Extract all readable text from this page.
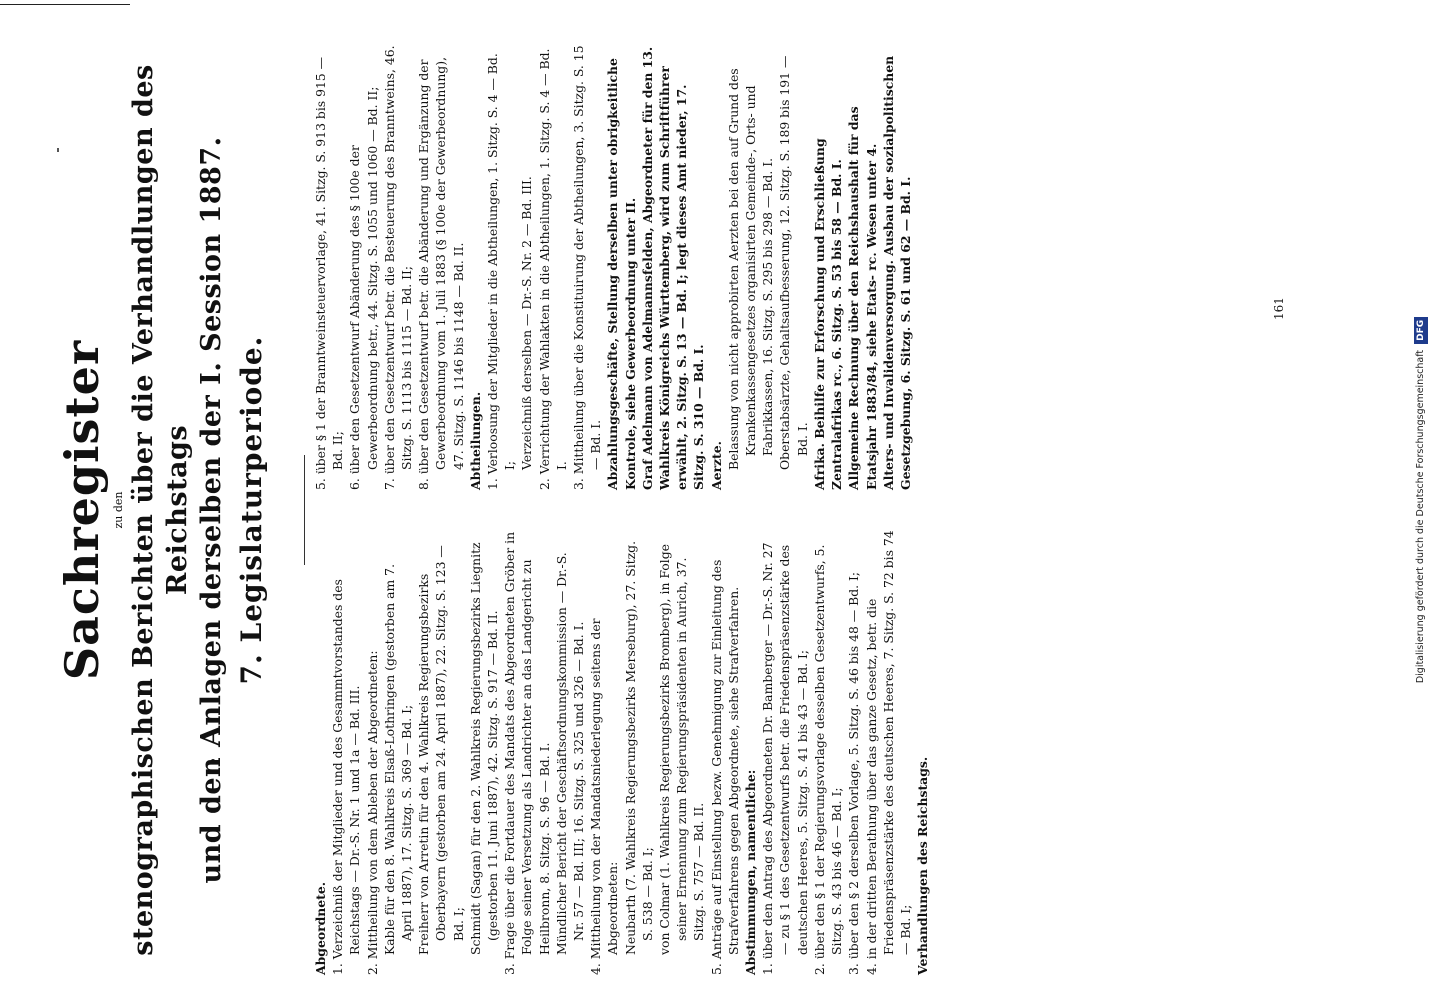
Sachregister zu den stenographischen Berichten über die Verhandlungen des Reichstags und den Anlagen derselben der I. Session 1887. 7. Legislaturperiode.

Abgeordnete. 1. Verzeichniß der Mitglieder und des Gesammtvorstandes des Reichstags — Dr.-S. Nr. 1 und 1a — Bd. III. 2. Mittheilung von dem Ableben der Abgeordneten: Kable für den 8. Wahlkreis Elsaß-Lothringen (gestorben am 7. April 1887), 17. Sitzg. S. 369 — Bd. I; Freiherr von Arretin für den 4. Wahlkreis Regierungsbezirks Oberbayern (gestorben am 24. April 1887), 22. Sitzg. S. 123 — Bd. I; Schmidt (Sagan) für den 2. Wahlkreis Regierungsbezirks Liegnitz (gestorben 11. Juni 1887), 42. Sitzg. S. 917 — Bd. II. 3. Frage über die Fortdauer des Mandats des Abgeordneten Gröber in Folge seiner Versetzung als Landrichter an das Landgericht zu Heilbronn, 8. Sitzg. S. 96 — Bd. I. Mündlicher Bericht der Geschäftsordnungskommission — Dr.-S. Nr. 57 — Bd. III; 16. Sitzg. S. 325 und 326 — Bd. I. 4. Mittheilung von der Mandatsniederlegung seitens der Abgeordneten: Neubarth (7. Wahlkreis Regierungsbezirks Merseburg), 27. Sitzg. S. 538 — Bd. I; von Colmar (1. Wahlkreis Regierungsbezirks Bromberg), in Folge seiner Ernennung zum Regierungspräsidenten in Aurich, 37. Sitzg. S. 757 — Bd. II. 5. Anträge auf Einstellung bezw. Genehmigung zur Einleitung des Strafverfahrens gegen Abgeordnete, siehe Strafverfahren. Abstimmungen, namentliche: 1. über den Antrag des Abgeordneten Dr. Bamberger — Dr.-S. Nr. 27 — zu § 1 des Gesetzentwurfs betr. die Friedenspräsenzstärke des deutschen Heeres, 5. Sitzg. S. 41 bis 43 — Bd. I; 2. über den § 1 der Regierungsvorlage desselben Gesetzentwurfs, 5. Sitzg. S. 43 bis 46 — Bd. I; 3. über den § 2 derselben Vorlage, 5. Sitzg. S. 46 bis 48 — Bd. I; 4. in der dritten Berathung über das ganze Gesetz, betr. die Friedenspräsenzstärke des deutschen Heeres, 7. Sitzg. S. 72 bis 74 — Bd. I; Verhandlungen des Reichstags.
5. über § 1 der Branntweinsteuervorlage, 41. Sitzg. S. 913 bis 915 — Bd. II; 6. über den Gesetzentwurf Abänderung des § 100e der Gewerbeordnung betr., 44. Sitzg. S. 1055 und 1060 — Bd. II; 7. über den Gesetzentwurf betr. die Besteuerung des Branntweins, 46. Sitzg. S. 1113 bis 1115 — Bd. II; 8. über den Gesetzentwurf betr. die Abänderung und Ergänzung der Gewerbeordnung vom 1. Juli 1883 (§ 100e der Gewerbeordnung), 47. Sitzg. S. 1146 bis 1148 — Bd. II. Abtheilungen. 1. Verloosung der Mitglieder in die Abtheilungen, 1. Sitzg. S. 4 — Bd. I; Verzeichniß derselben — Dr.-S. Nr. 2 — Bd. III. 2. Verrichtung der Wahlakten in die Abtheilungen, 1. Sitzg. S. 4 — Bd. I. 3. Mittheilung über die Konstituirung der Abtheilungen, 3. Sitzg. S. 15 — Bd. I. Abzahlungsgeschäfte, Stellung derselben unter obrigkeitliche Kontrole, siehe Gewerbeordnung unter II. Graf Adelmann von Adelmannsfelden, Abgeordneter für den 13. Wahlkreis Königreichs Württemberg, wird zum Schriftführer erwählt, 2. Sitzg. S. 13 — Bd. I; legt dieses Amt nieder, 17. Sitzg. S. 310 — Bd. I. Aerzte. Belassung von nicht approbirten Aerzten bei den auf Grund des Krankenkassengesetzes organisirten Gemeinde-, Orts- und Fabrikkassen, 16. Sitzg. S. 295 bis 298 — Bd. I. Oberstabsärzte, Gehaltsaufbesserung, 12. Sitzg. S. 189 bis 191 — Bd. I. Afrika. Beihilfe zur Erforschung und Erschließung Zentralafrikas rc., 6. Sitzg. S. 53 bis 58 — Bd. I. Allgemeine Rechnung über den Reichshaushalt für das Etatsjahr 1883/84, siehe Etats- rc. Wesen unter 4. Alters- und Invalidenversorgung. Ausbau der sozialpolitischen Gesetzgebung, 6. Sitzg. S. 61 und 62 — Bd. I.	161
Digitalisierung gefördert durch die Deutsche ForschungsgemeinschaftDFG
